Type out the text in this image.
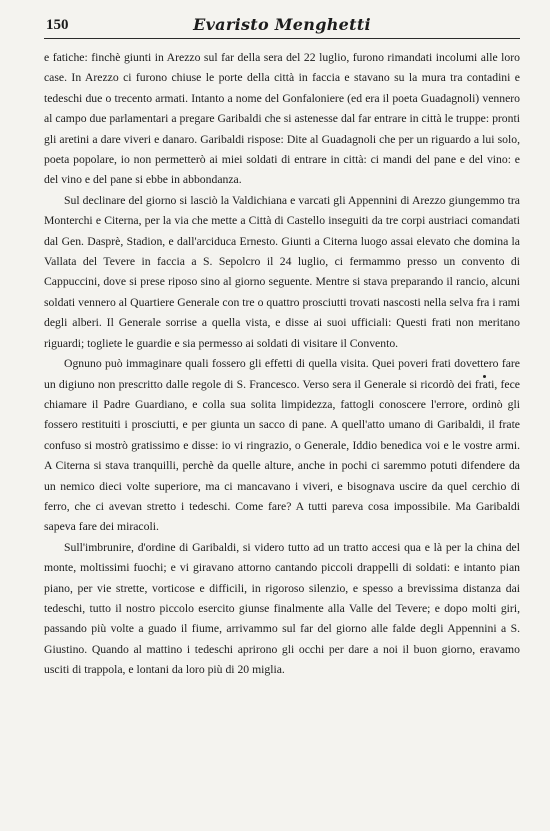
150	Evaristo Menghetti

e fatiche: finchè giunti in Arezzo sul far della sera del 22 luglio, furono rimandati incolumi alle loro case. In Arezzo ci furono chiuse le porte della città in faccia e stavano su la mura tra contadini e tedeschi due o trecento armati. Intanto a nome del Gonfaloniere (ed era il poeta Guadagnoli) vennero al campo due parlamentari a pregare Garibaldi che si astenesse dal far entrare in città le truppe: pronti gli aretini a dare viveri e danaro. Garibaldi rispose: Dite al Guadagnoli che per un riguardo a lui solo, poeta popolare, io non permetterò ai miei soldati di entrare in città: ci mandi del pane e del vino: e del vino e del pane si ebbe in abbondanza.

Sul declinare del giorno si lasciò la Valdichiana e varcati gli Appennini di Arezzo giungemmo tra Monterchi e Citerna, per la via che mette a Città di Castello inseguiti da tre corpi austriaci comandati dal Gen. Dasprè, Stadion, e dall'arciduca Ernesto. Giunti a Citerna luogo assai elevato che domina la Vallata del Tevere in faccia a S. Sepolcro il 24 luglio, ci fermammo presso un convento di Cappuccini, dove si prese riposo sino al giorno seguente. Mentre si stava preparando il rancio, alcuni soldati vennero al Quartiere Generale con tre o quattro prosciutti trovati nascosti nella selva fra i rami degli alberi. Il Generale sorrise a quella vista, e disse ai suoi ufficiali: Questi frati non meritano riguardi; togliete le guardie e sia permesso ai soldati di visitare il Convento.

Ognuno può immaginare quali fossero gli effetti di quella visita. Quei poveri frati dovettero fare un digiuno non prescritto dalle regole di S. Francesco. Verso sera il Generale si ricordò dei frati, fece chiamare il Padre Guardiano, e colla sua solita limpidezza, fattogli conoscere l'errore, ordinò gli fossero restituiti i prosciutti, e per giunta un sacco di pane. A quell'atto umano di Garibaldi, il frate confuso si mostrò gratissimo e disse: io vi ringrazio, o Generale, Iddio benedica voi e le vostre armi. A Citerna si stava tranquilli, perchè da quelle alture, anche in pochi ci saremmo potuti difendere da un nemico dieci volte superiore, ma ci mancavano i viveri, e bisognava uscire da quel cerchio di ferro, che ci avevan stretto i tedeschi. Come fare? A tutti pareva cosa impossibile. Ma Garibaldi sapeva fare dei miracoli.

Sull'imbrunire, d'ordine di Garibaldi, si videro tutto ad un tratto accesi qua e là per la china del monte, moltissimi fuochi; e vi giravano attorno cantando piccoli drappelli di soldati: e intanto pian piano, per vie strette, vorticose e difficili, in rigoroso silenzio, e spesso a brevissima distanza dai tedeschi, tutto il nostro piccolo esercito giunse finalmente alla Valle del Tevere; e dopo molti giri, passando più volte a guado il fiume, arrivammo sul far del giorno alle falde degli Appennini a S. Giustino. Quando al mattino i tedeschi aprirono gli occhi per dare a noi il buon giorno, eravamo usciti di trappola, e lontani da loro più di 20 miglia.
